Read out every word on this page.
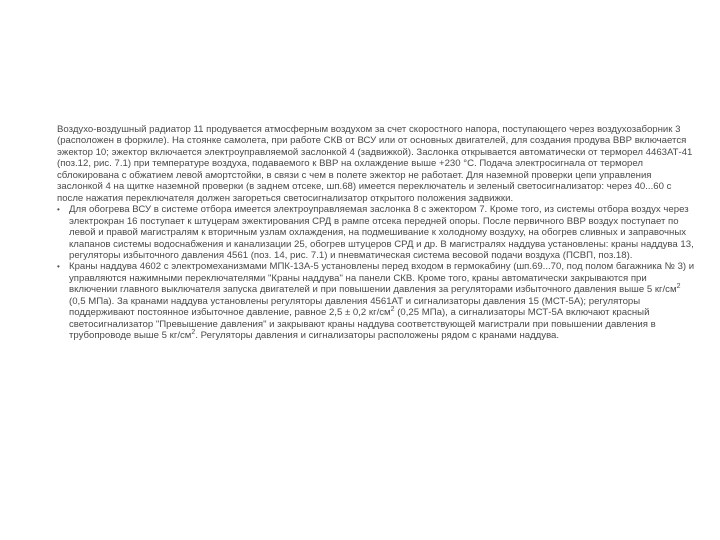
Воздухо-воздушный радиатор 11 продувается атмосферным воздухом за счет скоростного напора, поступающего через воздухозаборник 3 (расположен в форкиле). На стоянке самолета, при работе СКВ от ВСУ или от основных двигателей, для создания продува ВВР включается эжектор 10; эжектор включается электроуправляемой заслонкой 4 (задвижкой). Заслонка открывается автоматически от терморел 4463АТ-41 (поз.12, рис. 7.1) при температуре воздуха, подаваемого к ВВР на охлаждение выше +230 °С. Подача электросигнала от терморел сблокирована с обжатием левой амортстойки, в связи с чем в полете эжектор не работает. Для наземной проверки цепи управления заслонкой 4 на щитке наземной проверки (в заднем отсеке, шп.68) имеется переключатель и зеленый светосигнализатор: через 40...60 с после нажатия переключателя должен загореться светосигнализатор открытого положения задвижки.

• Для обогрева ВСУ в системе отбора имеется электроуправляемая заслонка 8 с эжектором 7. Кроме того, из системы отбора воздух через электрокран 16 поступает к штуцерам эжектирования СРД в рампе отсека передней опоры. После первичного ВВР воздух поступает по левой и правой магистралям к вторичным узлам охлаждения, на подмешивание к холодному воздуху, на обогрев сливных и заправочных клапанов системы водоснабжения и канализации 25, обогрев штуцеров СРД и др. В магистралях наддува установлены: краны наддува 13, регуляторы избыточного давления 4561 (поз. 14, рис. 7.1) и пневматическая система весовой подачи воздуха (ПСВП, поз.18).

• Краны наддува 4602 с электромеханизмами МПК-13А-5 установлены перед входом в гермокабину (шп.69...70, под полом багажника № 3) и управляются нажимными переключателями "Краны наддува" на панели СКВ. Кроме того, краны автоматически закрываются при включении главного выключателя запуска двигателей и при повышении давления за регуляторами избыточного давления выше 5 $кг/см^2$ (0,5 МПа). За кранами наддува установлены регуляторы давления 4561АТ и сигнализаторы давления 15 (МСТ-5А); регуляторы поддерживают постоянное избыточное давление, равное 2,5 ± 0,2 $кг/см^2$ (0,25 МПа), а сигнализаторы МСТ-5А включают красный светосигнализатор "Превышение давления" и закрывают краны наддува соответствующей магистрали при повышении давления в трубопроводе выше 5 $кг/см^2$. Регуляторы давления и сигнализаторы расположены рядом с кранами наддува.
